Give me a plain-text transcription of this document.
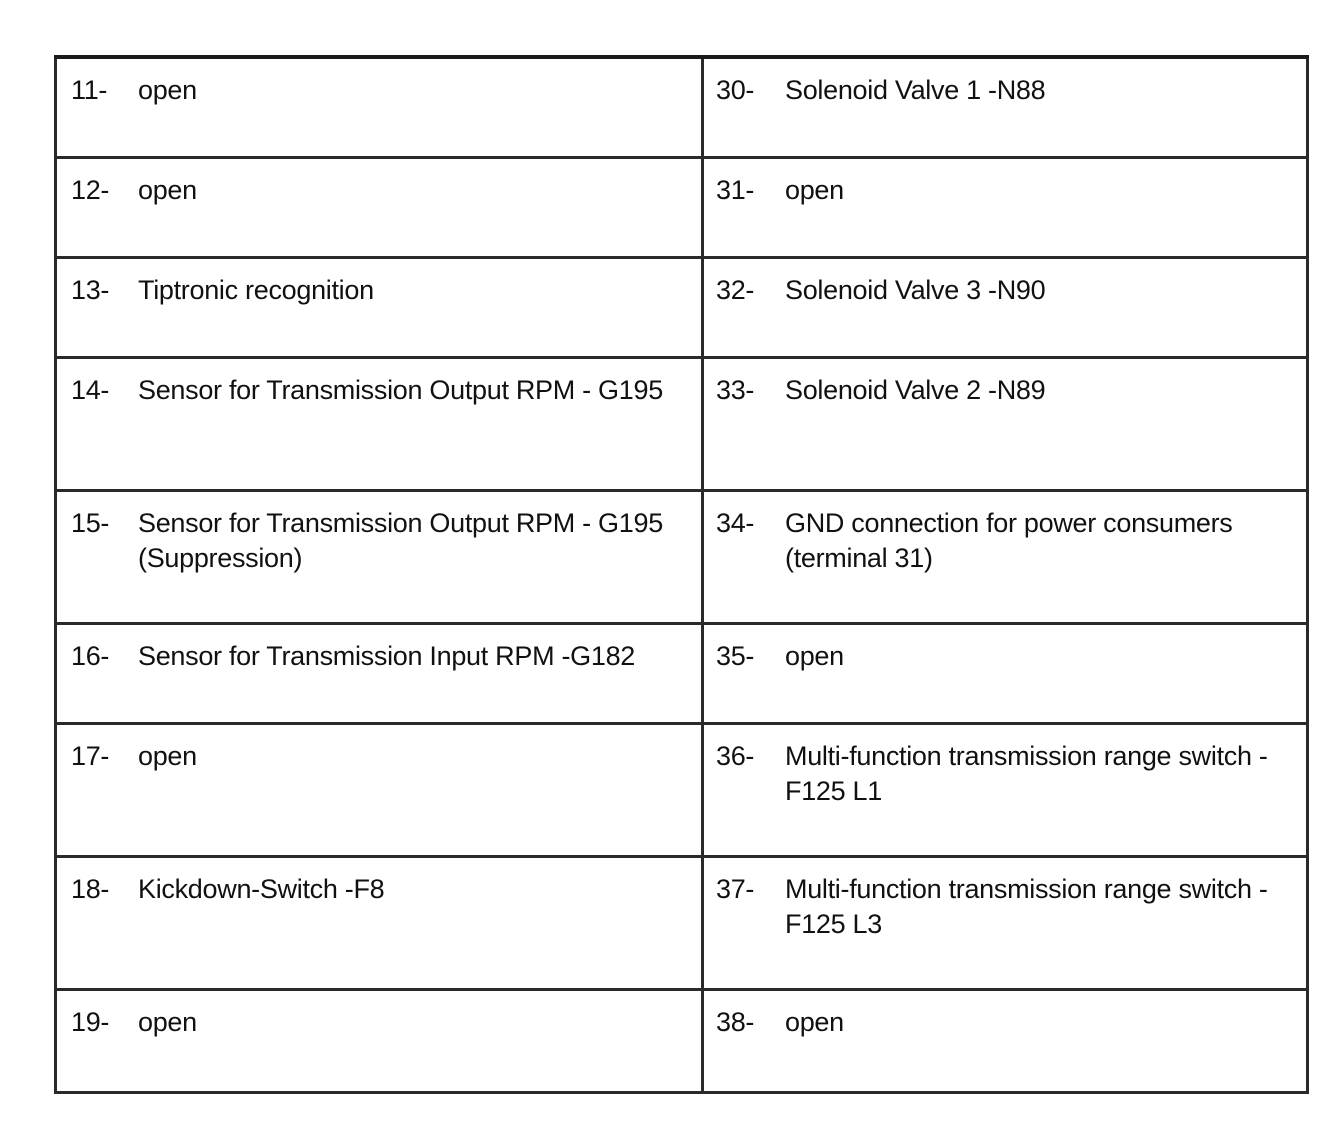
11- open	30- Solenoid Valve 1 -N88

12- open	31- open

13- Tiptronic recognition	32- Solenoid Valve 3 -N90

14- Sensor for Transmission Output RPM - G195	33- Solenoid Valve 2 -N89

15- Sensor for Transmission Output RPM - G195 (Suppression)	34- GND connection for power consumers (terminal 31)

16- Sensor for Transmission Input RPM -G182	35- open

17- open	36- Multi-function transmission range switch -F125 L1

18- Kickdown-Switch -F8	37- Multi-function transmission range switch -F125 L3

19- open	38- open
